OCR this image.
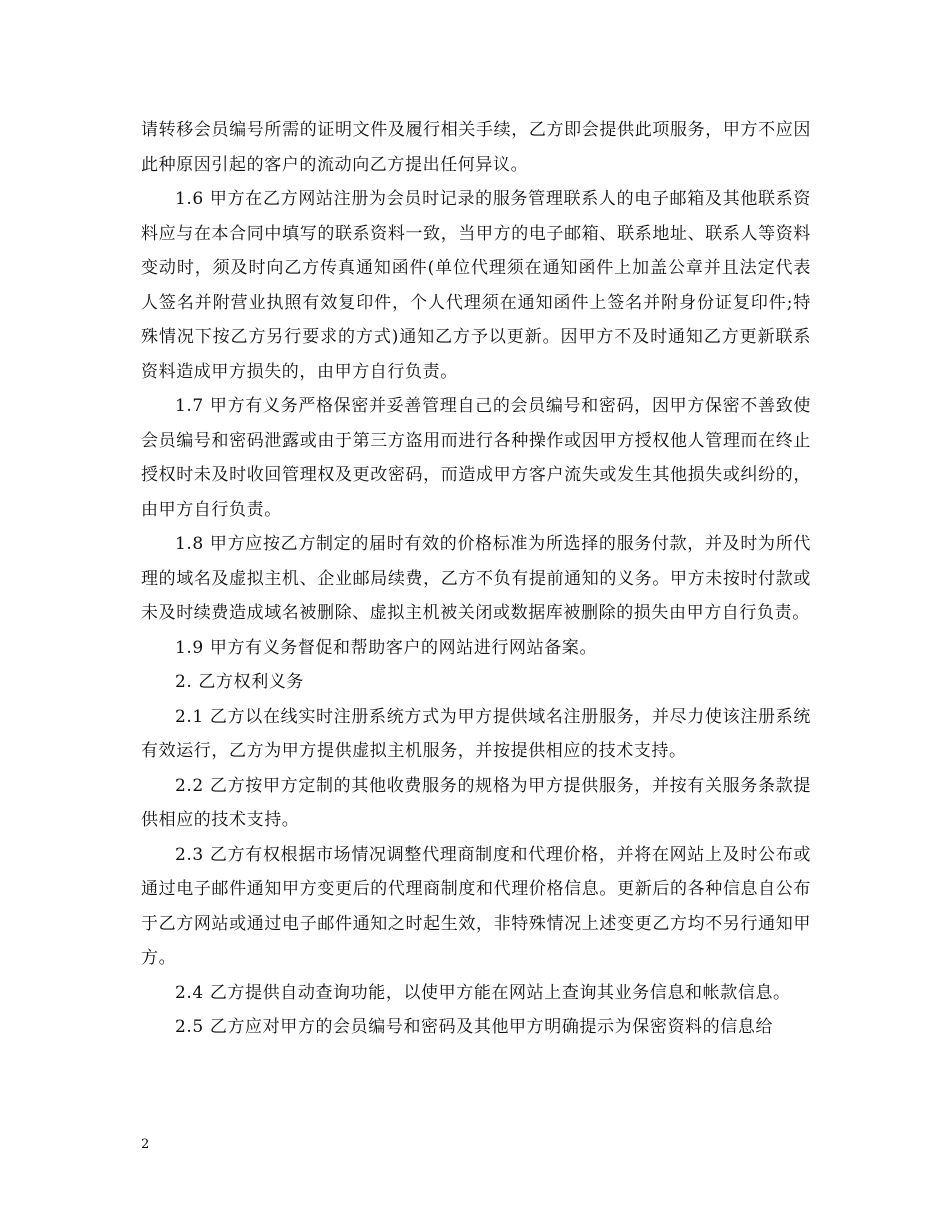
请转移会员编号所需的证明文件及履行相关手续，乙方即会提供此项服务，甲方不应因此种原因引起的客户的流动向乙方提出任何异议。

1.6 甲方在乙方网站注册为会员时记录的服务管理联系人的电子邮箱及其他联系资料应与在本合同中填写的联系资料一致，当甲方的电子邮箱、联系地址、联系人等资料变动时，须及时向乙方传真通知函件(单位代理须在通知函件上加盖公章并且法定代表人签名并附营业执照有效复印件，个人代理须在通知函件上签名并附身份证复印件;特殊情况下按乙方另行要求的方式)通知乙方予以更新。因甲方不及时通知乙方更新联系资料造成甲方损失的，由甲方自行负责。

1.7 甲方有义务严格保密并妥善管理自己的会员编号和密码，因甲方保密不善致使会员编号和密码泄露或由于第三方盗用而进行各种操作或因甲方授权他人管理而在终止授权时未及时收回管理权及更改密码，而造成甲方客户流失或发生其他损失或纠纷的，由甲方自行负责。

1.8 甲方应按乙方制定的届时有效的价格标准为所选择的服务付款，并及时为所代理的域名及虚拟主机、企业邮局续费，乙方不负有提前通知的义务。甲方未按时付款或未及时续费造成域名被删除、虚拟主机被关闭或数据库被删除的损失由甲方自行负责。

1.9 甲方有义务督促和帮助客户的网站进行网站备案。

2. 乙方权利义务

2.1 乙方以在线实时注册系统方式为甲方提供域名注册服务，并尽力使该注册系统有效运行，乙方为甲方提供虚拟主机服务，并按提供相应的技术支持。

2.2 乙方按甲方定制的其他收费服务的规格为甲方提供服务，并按有关服务条款提供相应的技术支持。

2.3 乙方有权根据市场情况调整代理商制度和代理价格，并将在网站上及时公布或通过电子邮件通知甲方变更后的代理商制度和代理价格信息。更新后的各种信息自公布于乙方网站或通过电子邮件通知之时起生效，非特殊情况上述变更乙方均不另行通知甲方。

2.4 乙方提供自动查询功能，以使甲方能在网站上查询其业务信息和帐款信息。

2.5 乙方应对甲方的会员编号和密码及其他甲方明确提示为保密资料的信息给

2
